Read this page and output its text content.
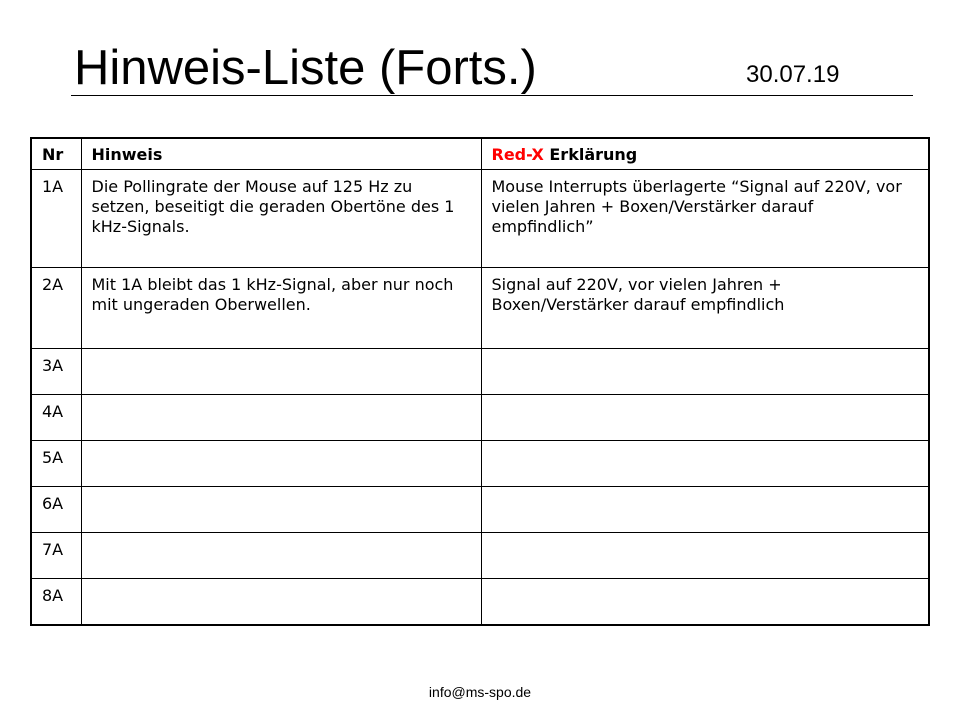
Hinweis-Liste (Forts.)	30.07.19
Nr	Hinweis	Red-X Erklärung
1A	Die Pollingrate der Mouse auf 125 Hz zu setzen, beseitigt die geraden Obertöne des 1 kHz-Signals.	Mouse Interrupts überlagerte “Signal auf 220V, vor vielen Jahren + Boxen/Verstärker darauf empfindlich”
2A	Mit 1A bleibt das 1 kHz-Signal, aber nur noch mit ungeraden Oberwellen.	Signal auf 220V, vor vielen Jahren + Boxen/Verstärker darauf empfindlich
3A		
4A		
5A		
6A		
7A		
8A		
info@ms-spo.de
